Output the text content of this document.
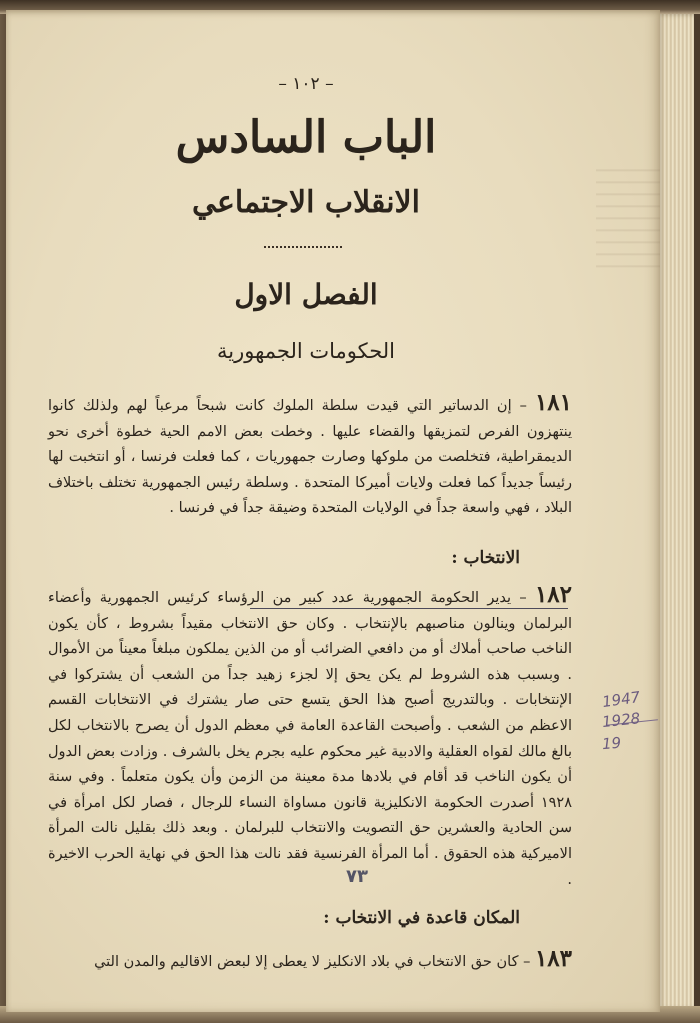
– ١٠٢ –
الباب السادس
الانقلاب الاجتماعي
الفصل الاول
الحكومات الجمهورية
١٨١ – إن الدساتير التي قيدت سلطة الملوك كانت شبحاً مرعباً لهم ولذلك كانوا ينتهزون الفرص لتمزيقها والقضاء عليها . وخطت بعض الامم الحية خطوة أخرى نحو الديمقراطية، فتخلصت من ملوكها وصارت جمهوريات ، كما فعلت فرنسا ، أو انتخبت لها رئيساً جديداً كما فعلت ولايات أميركا المتحدة . وسلطة رئيس الجمهورية تختلف باختلاف البلاد ، فهي واسعة جداً في الولايات المتحدة وضيقة جداً في فرنسا .
الانتخاب :
١٨٢ – يدير الحكومة الجمهورية عدد كبير من الرؤساء كرئيس الجمهورية وأعضاء البرلمان وينالون مناصبهم بالإنتخاب . وكان حق الانتخاب مقيداً بشروط ، كأن يكون الناخب صاحب أملاك أو من دافعي الضرائب أو من الذين يملكون مبلغاً معيناً من الأموال . وبسبب هذه الشروط لم يكن يحق إلا لجزء زهيد جداً من الشعب أن يشتركوا في الإنتخابات . وبالتدريج أصبح هذا الحق يتسع حتى صار يشترك في الانتخابات القسم الاعظم من الشعب . وأصبحت القاعدة العامة في معظم الدول أن يصرح بالانتخاب لكل بالغ مالك لقواه العقلية والادبية غير محكوم عليه بجرم يخل بالشرف . وزادت بعض الدول أن يكون الناخب قد أقام في بلادها مدة معينة من الزمن وأن يكون متعلماً . وفي سنة ١٩٢٨ أصدرت الحكومة الانكليزية قانون مساواة النساء للرجال ، فصار لكل امرأة في سن الحادية والعشرين حق التصويت والانتخاب للبرلمان . وبعد ذلك بقليل نالت المرأة الاميركية هذه الحقوق . أما المرأة الفرنسية فقد نالت هذا الحق في نهاية الحرب الاخيرة .
٧٣
المكان قاعدة في الانتخاب :
١٨٣ – كان حق الانتخاب في بلاد الانكليز لا يعطى إلا لبعض الاقاليم والمدن التي
1947
1928
19
